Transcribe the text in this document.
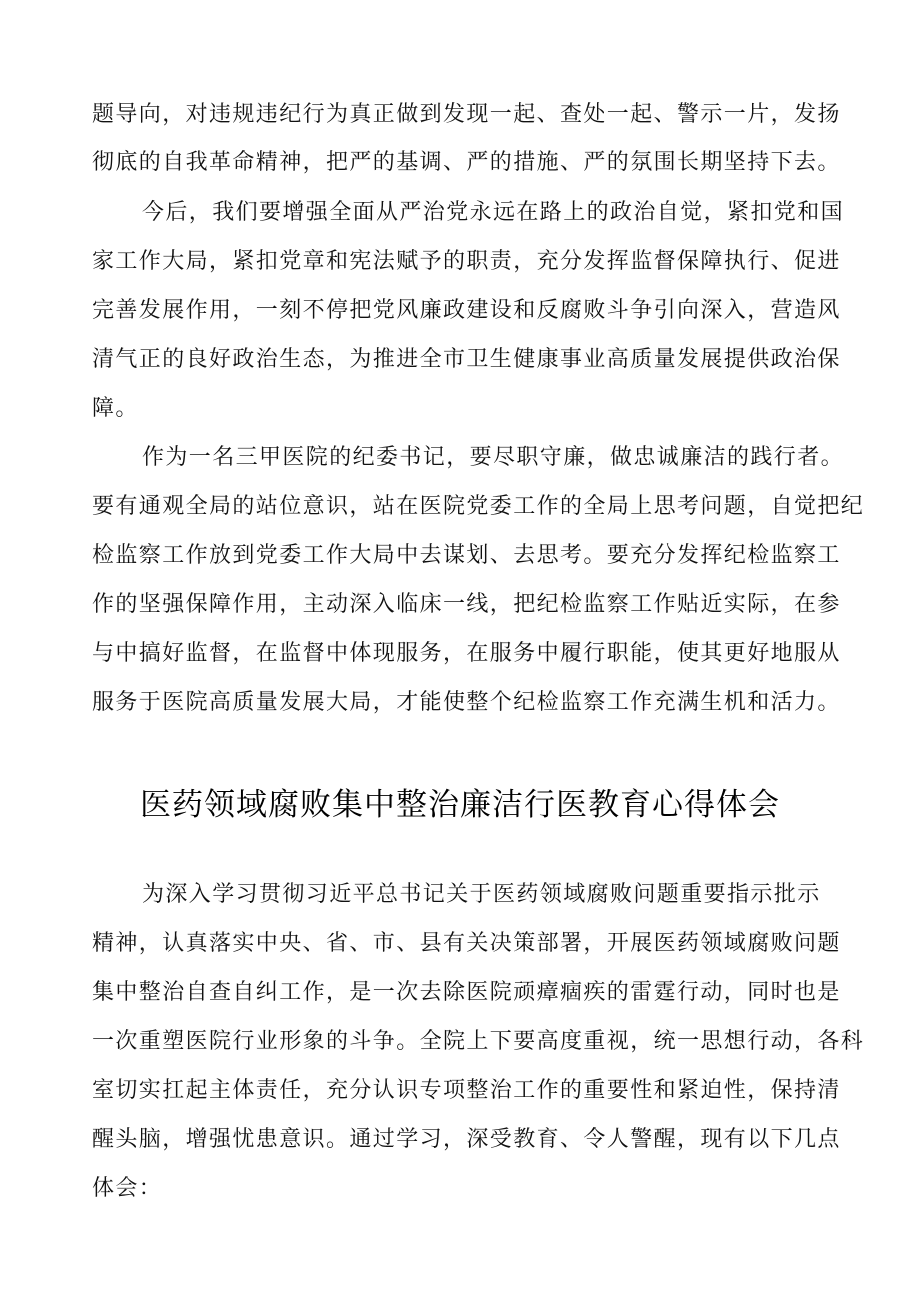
题导向，对违规违纪行为真正做到发现一起、查处一起、警示一片，发扬
彻底的自我革命精神，把严的基调、严的措施、严的氛围长期坚持下去。
今后，我们要增强全面从严治党永远在路上的政治自觉，紧扣党和国
家工作大局，紧扣党章和宪法赋予的职责，充分发挥监督保障执行、促进
完善发展作用，一刻不停把党风廉政建设和反腐败斗争引向深入，营造风
清气正的良好政治生态，为推进全市卫生健康事业高质量发展提供政治保
障。
作为一名三甲医院的纪委书记，要尽职守廉，做忠诚廉洁的践行者。
要有通观全局的站位意识，站在医院党委工作的全局上思考问题，自觉把纪
检监察工作放到党委工作大局中去谋划、去思考。要充分发挥纪检监察工
作的坚强保障作用，主动深入临床一线，把纪检监察工作贴近实际，在参
与中搞好监督，在监督中体现服务，在服务中履行职能，使其更好地服从
服务于医院高质量发展大局，才能使整个纪检监察工作充满生机和活力。
医药领域腐败集中整治廉洁行医教育心得体会
为深入学习贯彻习近平总书记关于医药领域腐败问题重要指示批示
精神，认真落实中央、省、市、县有关决策部署，开展医药领域腐败问题
集中整治自查自纠工作，是一次去除医院顽瘴痼疾的雷霆行动，同时也是
一次重塑医院行业形象的斗争。全院上下要高度重视，统一思想行动，各科
室切实扛起主体责任，充分认识专项整治工作的重要性和紧迫性，保持清
醒头脑，增强忧患意识。通过学习，深受教育、令人警醒，现有以下几点
体会：
